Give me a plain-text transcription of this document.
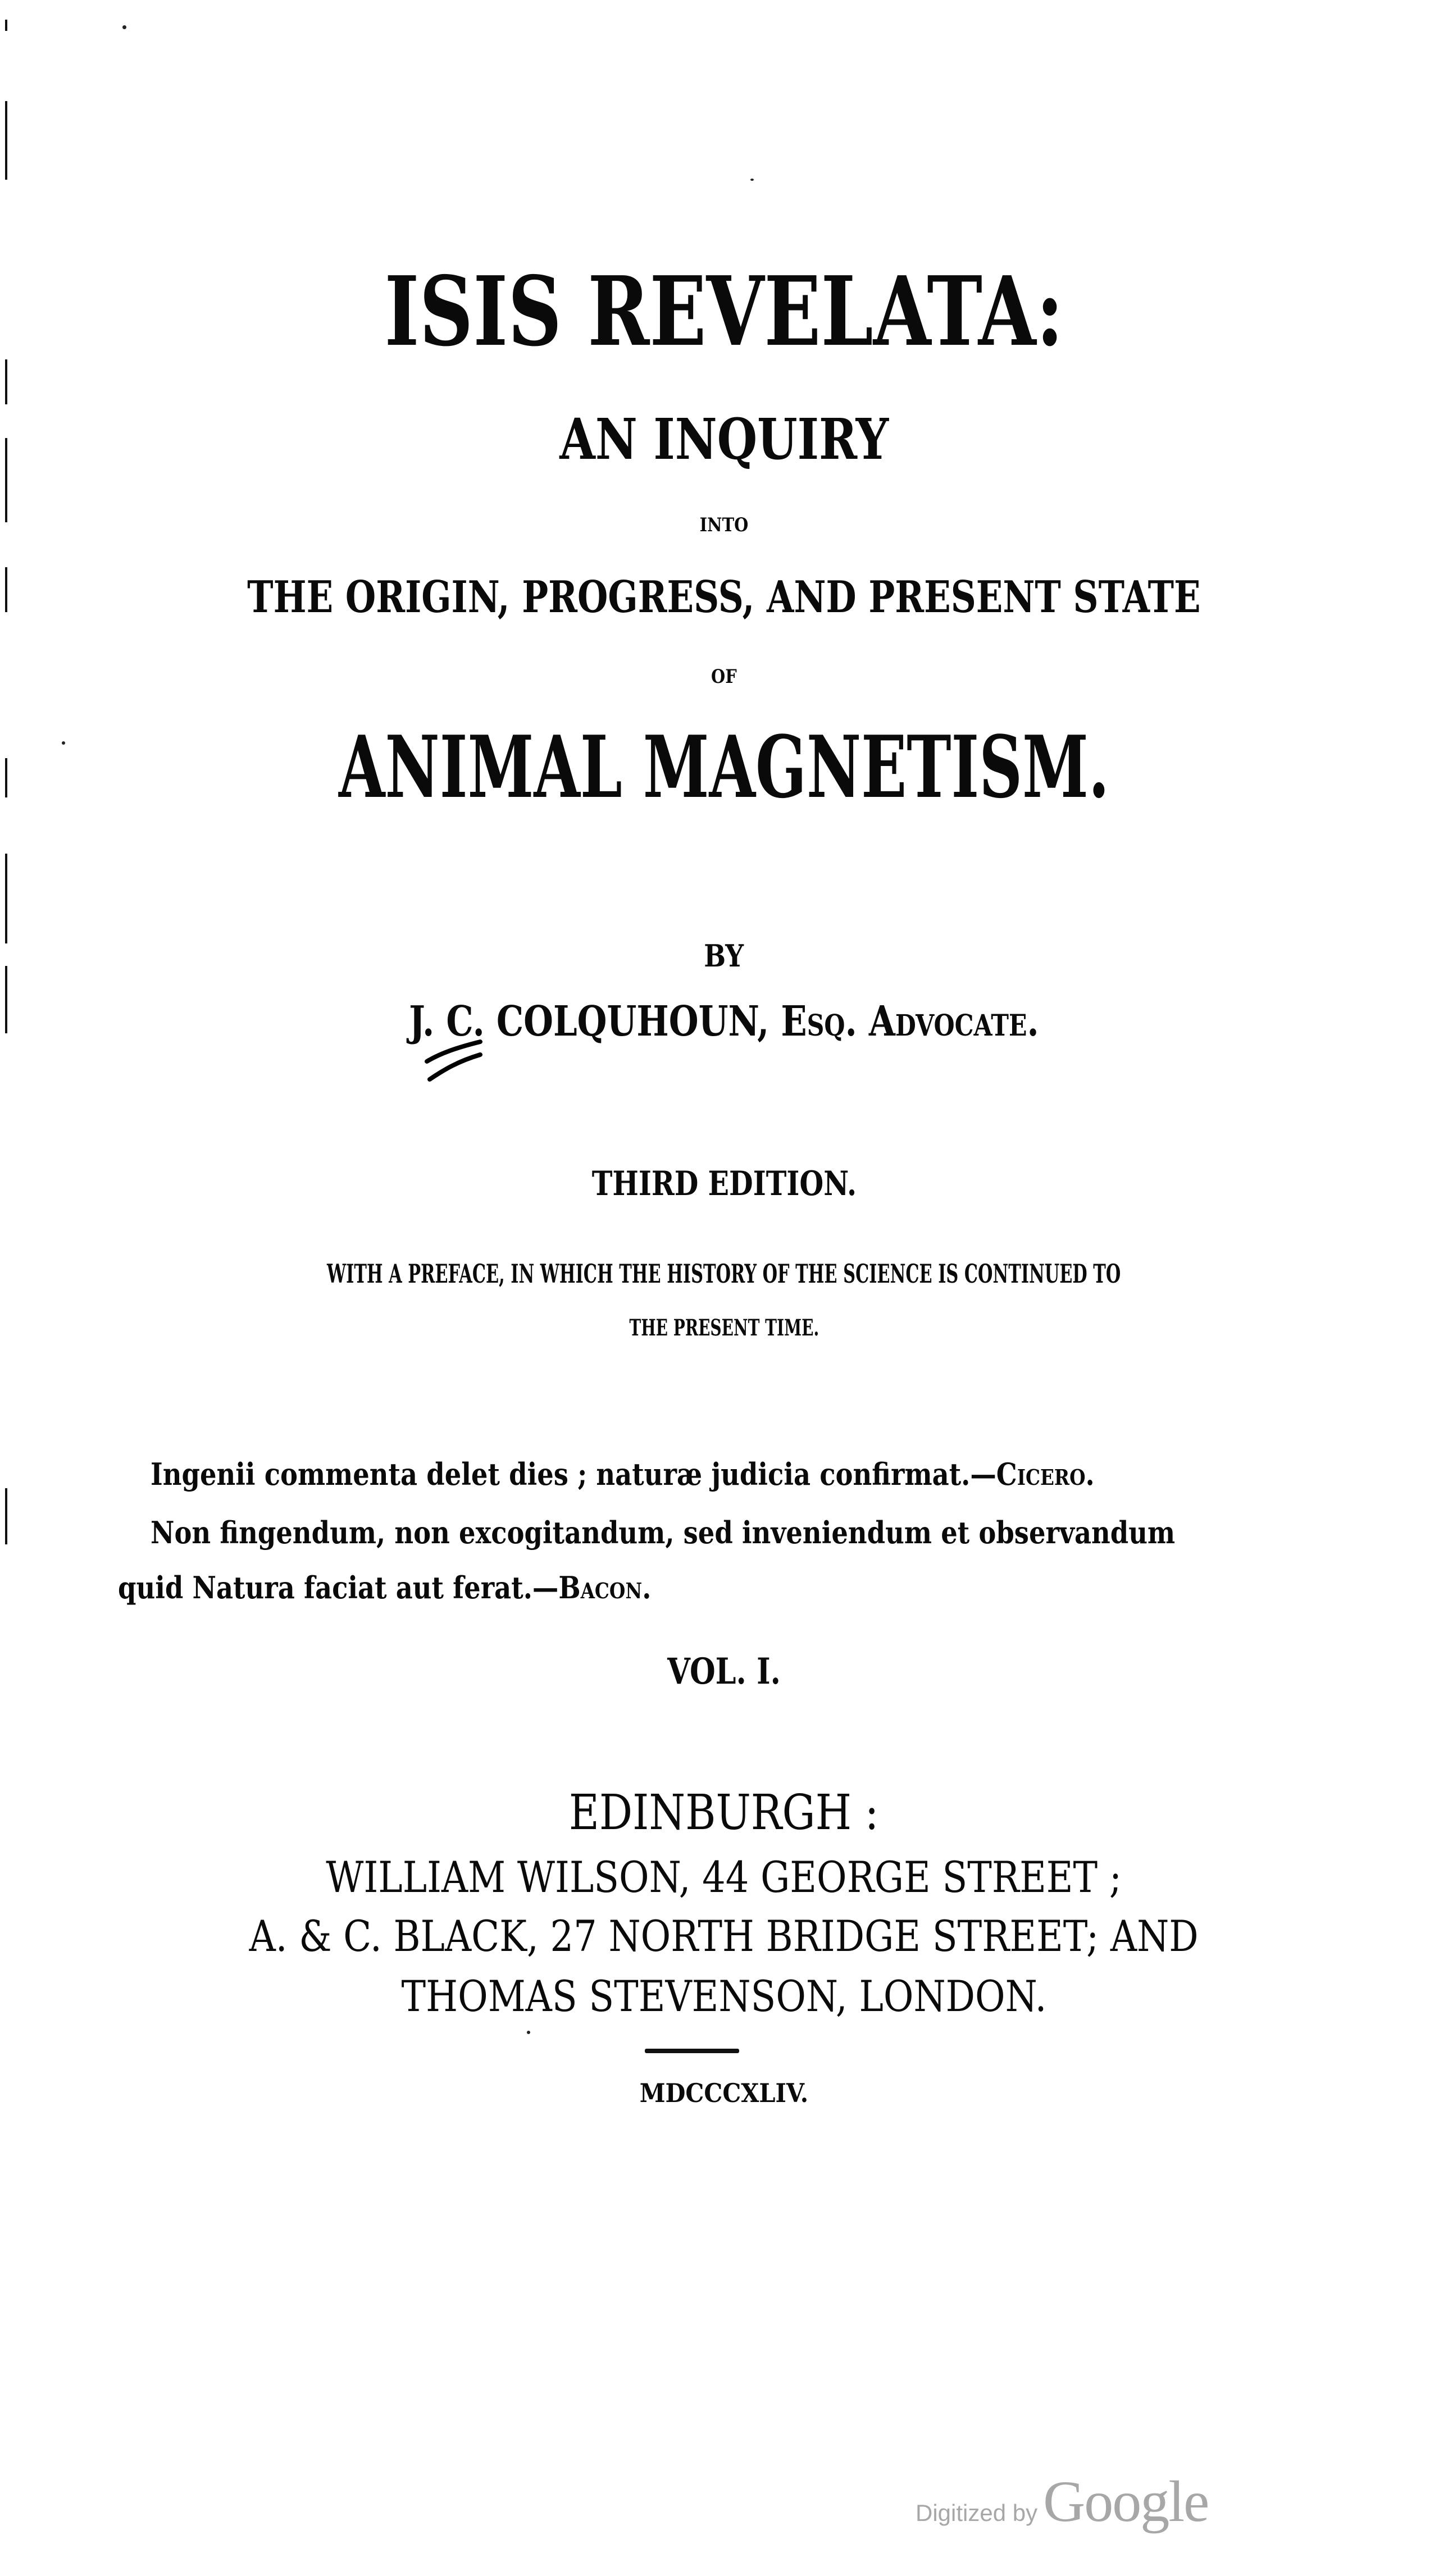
ISIS REVELATA:
AN INQUIRY
INTO
THE ORIGIN, PROGRESS, AND PRESENT STATE
OF
ANIMAL MAGNETISM.
BY
J. C. COLQUHOUN, Esq. Advocate.
THIRD EDITION.
WITH A PREFACE, IN WHICH THE HISTORY OF THE SCIENCE IS CONTINUED TO
THE PRESENT TIME.
Ingenii commenta delet dies ; naturæ judicia confirmat.—Cicero.
Non fingendum, non excogitandum, sed inveniendum et observandum
quid Natura faciat aut ferat.—Bacon.
VOL. I.
EDINBURGH :
WILLIAM WILSON, 44 GEORGE STREET ;
A. & C. BLACK, 27 NORTH BRIDGE STREET; AND
THOMAS STEVENSON, LONDON.
MDCCCXLIV.
Digitized byGoogle
